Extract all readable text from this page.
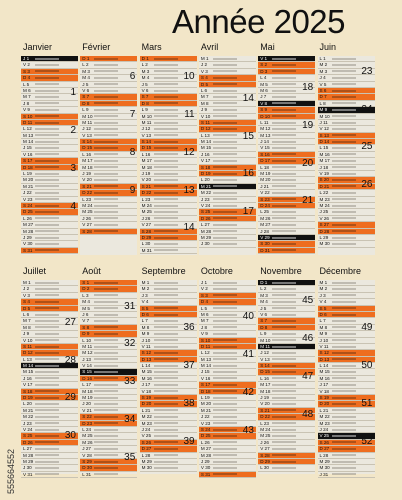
Année 2025
Janvier
J 1
V 2
S 3
D 4
L 5
M 6
M 7
J 8
V 9
S 10
D 11
L 12
M 13
M 14
J 15
V 16
S 17
D 18
L 19
M 20
M 21
J 22
V 23
S 24
D 25
L 26
M 27
M 28
J 29
V 30
S 31
1
2
3
4
Février
D 1
L 2
M 3
M 4
J 5
V 6
S 7
D 8
L 9
M 10
M 11
J 12
V 13
S 14
D 15
L 16
M 17
M 18
J 19
V 20
S 21
D 22
L 23
M 24
M 25
J 26
V 27
S 28
6
7
8
9
Mars
D 1
L 2
M 3
M 4
J 5
V 6
S 7
D 8
L 9
M 10
M 11
J 12
V 13
S 14
D 15
L 16
M 17
M 18
J 19
V 20
S 21
D 22
L 23
M 24
M 25
J 26
V 27
S 28
D 29
L 30
M 31
10
11
12
13
14
Avril
M 1
J 2
V 3
S 4
D 5
L 6
M 7
M 8
J 9
V 10
S 11
D 12
L 13
M 14
M 15
J 16
V 17
S 18
D 19
L 20
M 21
M 22
J 23
V 24
S 25
D 26
L 27
M 28
M 29
J 30
14
15
16
17
Mai
V 1
S 2
D 3
L 4
M 5
M 6
J 7
V 8
S 9
D 10
L 11
M 12
M 13
J 14
V 15
S 16
D 17
L 18
M 19
M 20
J 21
V 22
S 23
D 24
L 25
M 26
M 27
J 28
V 29
S 30
D 31
18
19
20
21
Juin
L 1
M 2
M 3
J 4
V 5
S 6
D 7
L 8
M 9
M 10
J 11
V 12
S 13
D 14
L 15
M 16
M 17
J 18
V 19
S 20
D 21
L 22
M 23
M 24
J 25
V 26
S 27
D 28
L 29
M 30
23
24
25
26
Juillet
M 1
J 2
V 3
S 4
D 5
L 6
M 7
M 8
J 9
V 10
S 11
D 12
L 13
M 14
M 15
J 16
V 17
S 18
D 19
L 20
M 21
M 22
J 23
V 24
S 25
D 26
L 27
M 28
M 29
J 30
V 31
27
28
29
30
Août
S 1
D 2
L 3
M 4
M 5
J 6
V 7
S 8
D 9
L 10
M 11
M 12
J 13
V 14
S 15
D 16
L 17
M 18
M 19
J 20
V 21
S 22
D 23
L 24
M 25
M 26
J 27
V 28
S 29
D 30
L 31
31
32
33
34
35
Septembre
M 1
M 2
J 3
V 4
S 5
D 6
L 7
M 8
M 9
J 10
V 11
S 12
D 13
L 14
M 15
M 16
J 17
V 18
S 19
D 20
L 21
M 22
M 23
J 24
V 25
S 26
D 27
L 28
M 29
M 30
36
37
38
39
Octobre
J 1
V 2
S 3
D 4
L 5
M 6
M 7
J 8
V 9
S 10
D 11
L 12
M 13
M 14
J 15
V 16
S 17
D 18
L 19
M 20
M 21
J 22
V 23
S 24
D 25
L 26
M 27
M 28
J 29
V 30
S 31
40
41
42
43
Novembre
D 1
L 2
M 3
M 4
J 5
V 6
S 7
D 8
L 9
M 10
M 11
J 12
V 13
S 14
D 15
L 16
M 17
M 18
J 19
V 20
S 21
D 22
L 23
M 24
M 25
J 26
V 27
S 28
D 29
L 30
45
46
47
48
Décembre
M 1
M 2
J 3
V 4
S 5
D 6
L 7
M 8
M 9
J 10
V 11
S 12
D 13
L 14
M 15
M 16
J 17
V 18
S 19
D 20
L 21
M 22
M 23
J 24
V 25
S 26
D 27
L 28
M 29
M 30
J 31
49
50
51
52
555664552
